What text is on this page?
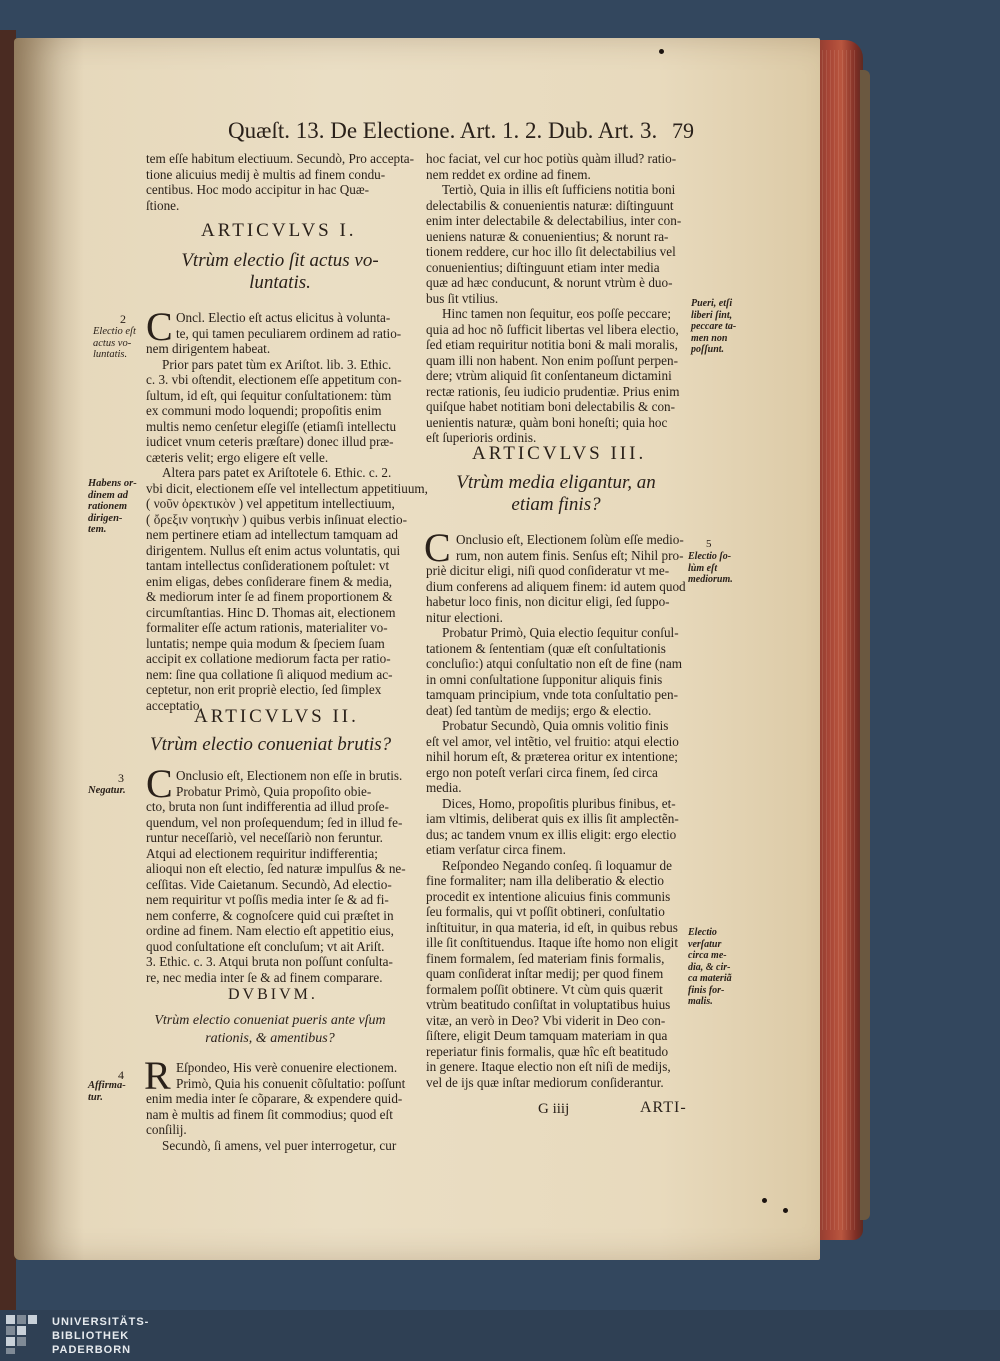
Quæſt. 13. De Electione. Art. 1. 2. Dub. Art. 3. 79
tem eſſe habitum electiuum. Secundò, Pro accepta-
tione alicuius medij è multis ad finem condu-
centibus. Hoc modo accipitur in hac Quæ-
ſtione.
ARTICVLVS I.
Vtrùm electio ſit actus vo-
luntatis.
C Oncl. Electio eſt actus elicitus à volunta-
te, qui tamen peculiarem ordinem ad ratio-
nem dirigentem habeat.
Prior pars patet tùm ex Ariſtot. lib. 3. Ethic.
c. 3. vbi oſtendit, electionem eſſe appetitum con-
ſultum, id eſt, qui ſequitur conſultationem: tùm
ex communi modo loquendi; propoſitis enim
multis nemo cenſetur elegiſſe (etiamſi intellectu
iudicet vnum ceteris præſtare) donec illud præ-
cæteris velit; ergo eligere eſt velle.
Altera pars patet ex Ariſtotele 6. Ethic. c. 2.
vbi dicit, electionem eſſe vel intellectum appetitiuum,
( νοῦν ὀρεκτικὸν ) vel appetitum intellectiuum,
( ὄρεξιν νοητικὴν ) quibus verbis inſinuat electio-
nem pertinere etiam ad intellectum tamquam ad
dirigentem. Nullus eſt enim actus voluntatis, qui
tantam intellectus conſiderationem poſtulet: vt
enim eligas, debes conſiderare finem & media,
& mediorum inter ſe ad finem proportionem &
circumſtantias. Hinc D. Thomas ait, electionem
formaliter eſſe actum rationis, materialiter vo-
luntatis; nempe quia modum & ſpeciem ſuam
accipit ex collatione mediorum facta per ratio-
nem: ſine qua collatione ſi aliquod medium ac-
ceptetur, non erit propriè electio, ſed ſimplex
acceptatio.
ARTICVLVS II.
Vtrùm electio conueniat brutis?
C Onclusio eſt, Electionem non eſſe in brutis.
Probatur Primò, Quia propoſito obie-
cto, bruta non ſunt indifferentia ad illud proſe-
quendum, vel non proſequendum; ſed in illud fe-
runtur neceſſariò, vel neceſſariò non feruntur.
Atqui ad electionem requiritur indifferentia;
alioqui non eſt electio, ſed naturæ impulſus & ne-
ceſſitas. Vide Caietanum. Secundò, Ad electio-
nem requiritur vt poſſis media inter ſe & ad fi-
nem conferre, & cognoſcere quid cui præſtet in
ordine ad finem. Nam electio eſt appetitio eius,
quod conſultatione eſt concluſum; vt ait Ariſt.
3. Ethic. c. 3. Atqui bruta non poſſunt conſulta-
re, nec media inter ſe & ad finem comparare.
DVBIVM.
Vtrùm electio conueniat pueris ante vſum
rationis, & amentibus?
R Eſpondeo, His verè conuenire electionem.
Primò, Quia his conuenit cõſultatio: poſſunt
enim media inter ſe cõparare, & expendere quid-
nam è multis ad finem ſit commodius; quod eſt
conſilij.
Secundò, ſi amens, vel puer interrogetur, cur
2
Electio eſt
actus vo-
luntatis.
Habens or-
dinem ad
rationem
dirigen-
tem.
3
Negatur.
4
Affirma-
tur.
hoc faciat, vel cur hoc potiùs quàm illud? ratio-
nem reddet ex ordine ad finem.
Tertiò, Quia in illis eſt ſufficiens notitia boni
delectabilis & conuenientis naturæ: diſtinguunt
enim inter delectabile & delectabilius, inter con-
ueniens naturæ & conuenientius; & norunt ra-
tionem reddere, cur hoc illo ſit delectabilius vel
conuenientius; diſtinguunt etiam inter media
quæ ad hæc conducunt, & norunt vtrùm è duo-
bus ſit vtilius.
Hinc tamen non ſequitur, eos poſſe peccare;
quia ad hoc nõ ſufficit libertas vel libera electio,
ſed etiam requiritur notitia boni & mali moralis,
quam illi non habent. Non enim poſſunt perpen-
dere; vtrùm aliquid ſit conſentaneum dictamini
rectæ rationis, ſeu iudicio prudentiæ. Prius enim
quiſque habet notitiam boni delectabilis & con-
uenientis naturæ, quàm boni honeſti; quia hoc
eſt ſuperioris ordinis.
ARTICVLVS III.
Vtrùm media eligantur, an
etiam finis?
C Onclusio eſt, Electionem ſolùm eſſe medio-
rum, non autem finis. Senſus eſt; Nihil pro-
priè dicitur eligi, niſi quod conſideratur vt me-
dium conferens ad aliquem finem: id autem quod
habetur loco finis, non dicitur eligi, ſed ſuppo-
nitur electioni.
Probatur Primò, Quia electio ſequitur conſul-
tationem & ſententiam (quæ eſt conſultationis
concluſio:) atqui conſultatio non eſt de fine (nam
in omni conſultatione ſupponitur aliquis finis
tamquam principium, vnde tota conſultatio pen-
deat) ſed tantùm de medijs; ergo & electio.
Probatur Secundò, Quia omnis volitio finis
eſt vel amor, vel intẽtio, vel fruitio: atqui electio
nihil horum eſt, & præterea oritur ex intentione;
ergo non poteſt verſari circa finem, ſed circa
media.
Dices, Homo, propoſitis pluribus finibus, et-
iam vltimis, deliberat quis ex illis ſit amplectẽn-
dus; ac tandem vnum ex illis eligit: ergo electio
etiam verſatur circa finem.
Reſpondeo Negando conſeq. ſi loquamur de
fine formaliter; nam illa deliberatio & electio
procedit ex intentione alicuius finis communis
ſeu formalis, qui vt poſſit obtineri, conſultatio
inſtituitur, in qua materia, id eſt, in quibus rebus
ille ſit conſtituendus. Itaque iſte homo non eligit
finem formalem, ſed materiam finis formalis,
quam conſiderat inſtar medij; per quod finem
formalem poſſit obtinere. Vt cùm quis quærit
vtrùm beatitudo conſiſtat in voluptatibus huius
vitæ, an verò in Deo? Vbi viderit in Deo con-
ſiſtere, eligit Deum tamquam materiam in qua
reperiatur finis formalis, quæ hîc eſt beatitudo
in genere. Itaque electio non eſt niſi de medijs,
vel de ijs quæ inſtar mediorum conſiderantur.
G iiij	ARTI-
Pueri, etſi
liberi ſint,
peccare ta-
men non
poſſunt.
5
Electio ſo-
lùm eſt
mediorum.
Electio
verſatur
circa me-
dia, & cir-
ca materiã
finis for-
malis.
UNIVERSITÄTS-
BIBLIOTHEK
PADERBORN
